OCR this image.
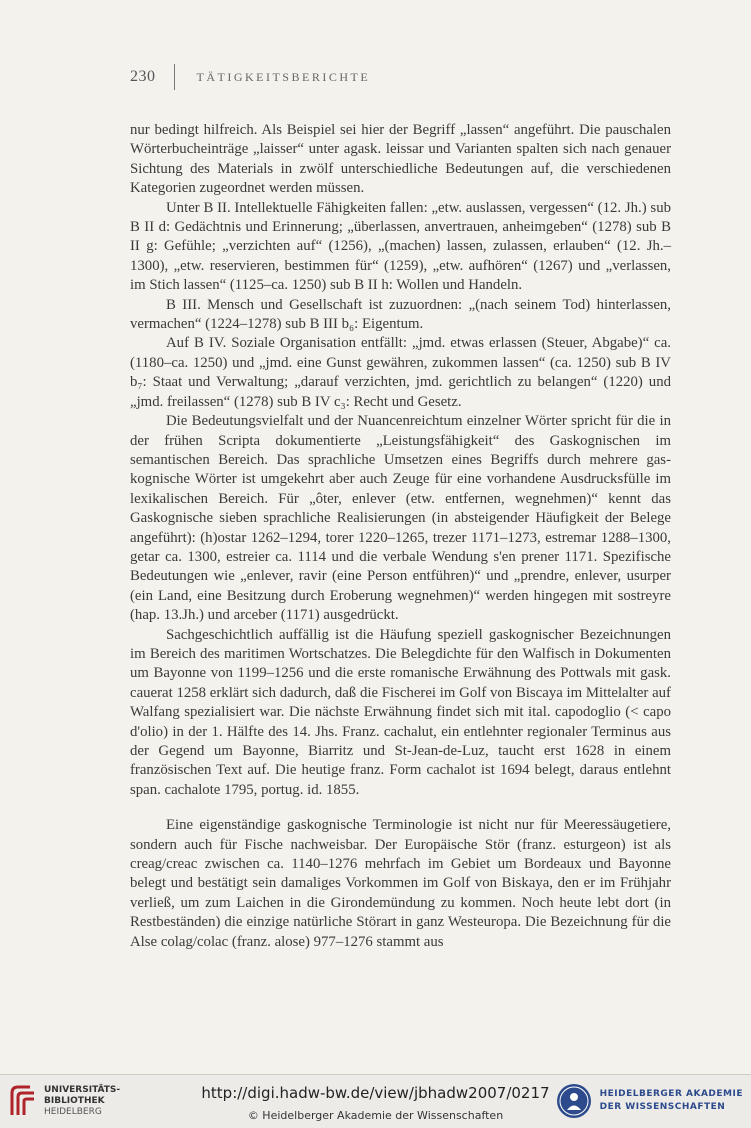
230	TÄTIGKEITSBERICHTE

nur bedingt hilfreich. Als Beispiel sei hier der Begriff „lassen“ angeführt. Die pauschalen Wörterbucheinträge „laisser“ unter agask. leissar und Varianten spalten sich nach genauer Sichtung des Materials in zwölf unterschiedliche Bedeutungen auf, die verschiedenen Kategorien zugeordnet werden müssen.

Unter B II. Intellektuelle Fähigkeiten fallen: „etw. auslassen, vergessen“ (12. Jh.) sub B II d: Gedächtnis und Erinnerung; „überlassen, anvertrauen, anheimgeben“ (1278) sub B II g: Gefühle; „verzichten auf“ (1256), „(machen) lassen, zulassen, erlauben“ (12. Jh.–1300), „etw. reservieren, bestimmen für“ (1259), „etw. aufhören“ (1267) und „verlassen, im Stich lassen“ (1125–ca. 1250) sub B II h: Wollen und Handeln.

B III. Mensch und Gesellschaft ist zuzuordnen: „(nach seinem Tod) hinterlassen, vermachen“ (1224–1278) sub B III b₆: Eigentum.

Auf B IV. Soziale Organisation entfällt: „jmd. etwas erlassen (Steuer, Abgabe)“ ca. (1180–ca. 1250) und „jmd. eine Gunst gewähren, zukommen lassen“ (ca. 1250) sub B IV b₇: Staat und Verwaltung; „darauf verzichten, jmd. gerichtlich zu belangen“ (1220) und „jmd. freilassen“ (1278) sub B IV c₃: Recht und Gesetz.

Die Bedeutungsvielfalt und der Nuancenreichtum einzelner Wörter spricht für die in der frühen Scripta dokumentierte „Leistungsfähigkeit“ des Gaskognischen im semantischen Bereich. Das sprachliche Umsetzen eines Begriffs durch mehrere gaskognische Wörter ist umgekehrt aber auch Zeuge für eine vorhandene Ausdrucksfülle im lexikalischen Bereich. Für „ôter, enlever (etw. entfernen, wegnehmen)“ kennt das Gaskognische sieben sprachliche Realisierungen (in absteigender Häufigkeit der Belege angeführt): (h)ostar 1262–1294, torer 1220–1265, trezer 1171–1273, estremar 1288–1300, getar ca. 1300, estreier ca. 1114 und die verbale Wendung s'en prener 1171. Spezifische Bedeutungen wie „enlever, ravir (eine Person entführen)“ und „prendre, enlever, usurper (ein Land, eine Besitzung durch Eroberung wegnehmen)“ werden hingegen mit sostreyre (hap. 13.Jh.) und arceber (1171) ausgedrückt.

Sachgeschichtlich auffällig ist die Häufung speziell gaskognischer Bezeichnungen im Bereich des maritimen Wortschatzes. Die Belegdichte für den Walfisch in Dokumenten um Bayonne von 1199–1256 und die erste romanische Erwähnung des Pottwals mit gask. cauerat 1258 erklärt sich dadurch, daß die Fischerei im Golf von Biscaya im Mittelalter auf Walfang spezialisiert war. Die nächste Erwähnung findet sich mit ital. capodoglio (< capo d'olio) in der 1. Hälfte des 14. Jhs. Franz. cachalut, ein entlehnter regionaler Terminus aus der Gegend um Bayonne, Biarritz und St-Jean-de-Luz, taucht erst 1628 in einem französischen Text auf. Die heutige franz. Form cachalot ist 1694 belegt, daraus entlehnt span. cachalote 1795, portug. id. 1855.

Eine eigenständige gaskognische Terminologie ist nicht nur für Meeressäugetiere, sondern auch für Fische nachweisbar. Der Europäische Stör (franz. esturgeon) ist als creag/creac zwischen ca. 1140–1276 mehrfach im Gebiet um Bordeaux und Bayonne belegt und bestätigt sein damaliges Vorkommen im Golf von Biskaya, den er im Frühjahr verließ, um zum Laichen in die Girondemündung zu kommen. Noch heute lebt dort (in Restbeständen) die einzige natürliche Störart in ganz Westeuropa. Die Bezeichnung für die Alse colag/colac (franz. alose) 977–1276 stammt aus

UNIVERSITÄTS-
BIBLIOTHEK
HEIDELBERG
http://digi.hadw-bw.de/view/jbhadw2007/0217
© Heidelberger Akademie der Wissenschaften
HEIDELBERGER AKADEMIE
DER WISSENSCHAFTEN
